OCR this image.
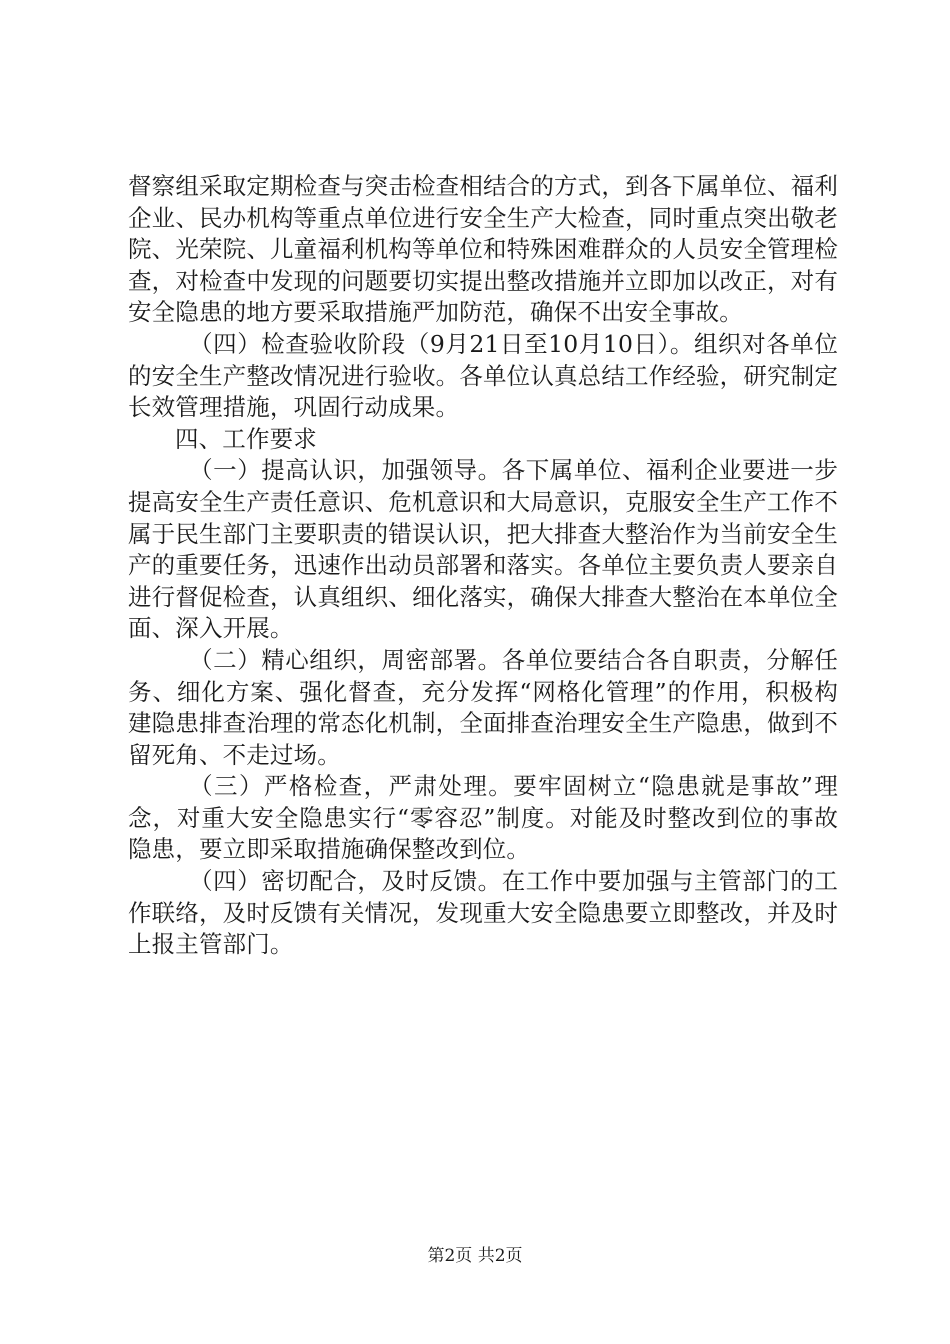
督察组采取定期检查与突击检查相结合的方式，到各下属单位、福利企业、民办机构等重点单位进行安全生产大检查，同时重点突出敬老院、光荣院、儿童福利机构等单位和特殊困难群众的人员安全管理检查，对检查中发现的问题要切实提出整改措施并立即加以改正，对有安全隐患的地方要采取措施严加防范，确保不出安全事故。

（四）检查验收阶段（9月21日至10月10日）。组织对各单位的安全生产整改情况进行验收。各单位认真总结工作经验，研究制定长效管理措施，巩固行动成果。

四、工作要求

（一）提高认识，加强领导。各下属单位、福利企业要进一步提高安全生产责任意识、危机意识和大局意识，克服安全生产工作不属于民生部门主要职责的错误认识，把大排查大整治作为当前安全生产的重要任务，迅速作出动员部署和落实。各单位主要负责人要亲自进行督促检查，认真组织、细化落实，确保大排查大整治在本单位全面、深入开展。

（二）精心组织，周密部署。各单位要结合各自职责，分解任务、细化方案、强化督查，充分发挥“网格化管理”的作用，积极构建隐患排查治理的常态化机制，全面排查治理安全生产隐患，做到不留死角、不走过场。

（三）严格检查，严肃处理。要牢固树立“隐患就是事故”理念，对重大安全隐患实行“零容忍”制度。对能及时整改到位的事故隐患，要立即采取措施确保整改到位。

（四）密切配合，及时反馈。在工作中要加强与主管部门的工作联络，及时反馈有关情况，发现重大安全隐患要立即整改，并及时上报主管部门。

第2页 共2页
